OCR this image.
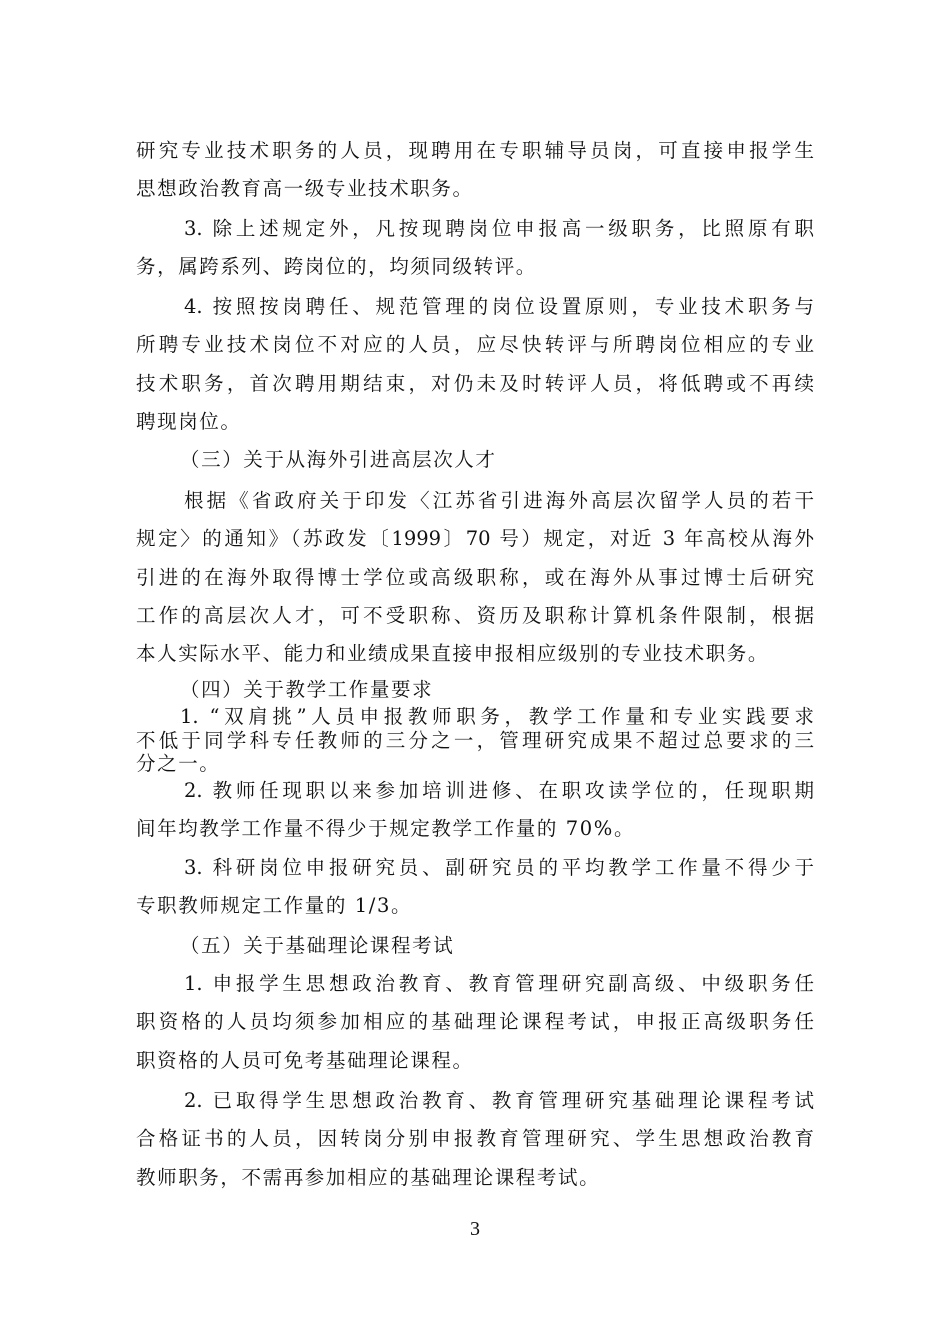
研究专业技术职务的人员，现聘用在专职辅导员岗，可直接申报学生
思想政治教育高一级专业技术职务。
3. 除上述规定外，凡按现聘岗位申报高一级职务，比照原有职
务，属跨系列、跨岗位的，均须同级转评。
4. 按照按岗聘任、规范管理的岗位设置原则，专业技术职务与
所聘专业技术岗位不对应的人员，应尽快转评与所聘岗位相应的专业
技术职务，首次聘用期结束，对仍未及时转评人员，将低聘或不再续
聘现岗位。
（三）关于从海外引进高层次人才
根据《省政府关于印发〈江苏省引进海外高层次留学人员的若干
规定〉的通知》（苏政发〔1999〕70 号）规定，对近 3 年高校从海外
引进的在海外取得博士学位或高级职称，或在海外从事过博士后研究
工作的高层次人才，可不受职称、资历及职称计算机条件限制，根据
本人实际水平、能力和业绩成果直接申报相应级别的专业技术职务。
（四）关于教学工作量要求
1. “双肩挑”人员申报教师职务，教学工作量和专业实践要求
不低于同学科专任教师的三分之一，管理研究成果不超过总要求的三
分之一。
2. 教师任现职以来参加培训进修、在职攻读学位的，任现职期
间年均教学工作量不得少于规定教学工作量的 70%。
3. 科研岗位申报研究员、副研究员的平均教学工作量不得少于
专职教师规定工作量的 1/3。
（五）关于基础理论课程考试
1. 申报学生思想政治教育、教育管理研究副高级、中级职务任
职资格的人员均须参加相应的基础理论课程考试，申报正高级职务任
职资格的人员可免考基础理论课程。
2. 已取得学生思想政治教育、教育管理研究基础理论课程考试
合格证书的人员，因转岗分别申报教育管理研究、学生思想政治教育
教师职务，不需再参加相应的基础理论课程考试。
3
